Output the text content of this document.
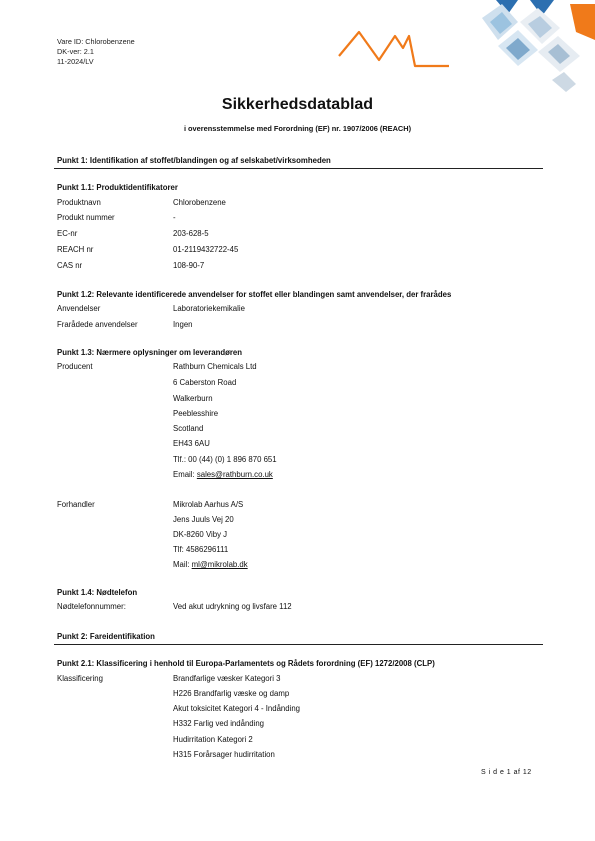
Vare ID: Chlorobenzene
DK-ver: 2.1
11-2024/LV
Sikkerhedsdatablad
i overensstemmelse med Forordning (EF) nr. 1907/2006 (REACH)
Punkt 1: Identifikation af stoffet/blandingen og af selskabet/virksomheden
Punkt 1.1: Produktidentifikatorer
Produktnavn	Chlorobenzene
Produkt nummer	-
EC-nr	203-628-5
REACH nr	01-2119432722-45
CAS nr	108-90-7
Punkt 1.2: Relevante identificerede anvendelser for stoffet eller blandingen samt anvendelser, der frarådes
Anvendelser	Laboratoriekemikalie
Frarådede anvendelser	Ingen
Punkt 1.3: Nærmere oplysninger om leverandøren
Producent	Rathburn Chemicals Ltd
6 Caberston Road
Walkerburn
Peeblesshire
Scotland
EH43 6AU
Tlf.: 00 (44) (0) 1 896 870 651
Email: sales@rathburn.co.uk
Forhandler	Mikrolab Aarhus A/S
Jens Juuls Vej 20
DK-8260 Viby J
Tlf: 4586296111
Mail: ml@mikrolab.dk
Punkt 1.4: Nødtelefon
Nødtelefonnummer:	Ved akut udrykning og livsfare 112
Punkt 2: Fareidentifikation
Punkt 2.1: Klassificering i henhold til Europa-Parlamentets og Rådets forordning (EF) 1272/2008 (CLP)
Klassificering	Brandfarlige væsker Kategori 3
H226 Brandfarlig væske og damp
Akut toksicitet Kategori 4 - Indånding
H332 Farlig ved indånding
Hudirritation Kategori 2
H315 Forårsager hudirritation
S i d e 1 af 12
